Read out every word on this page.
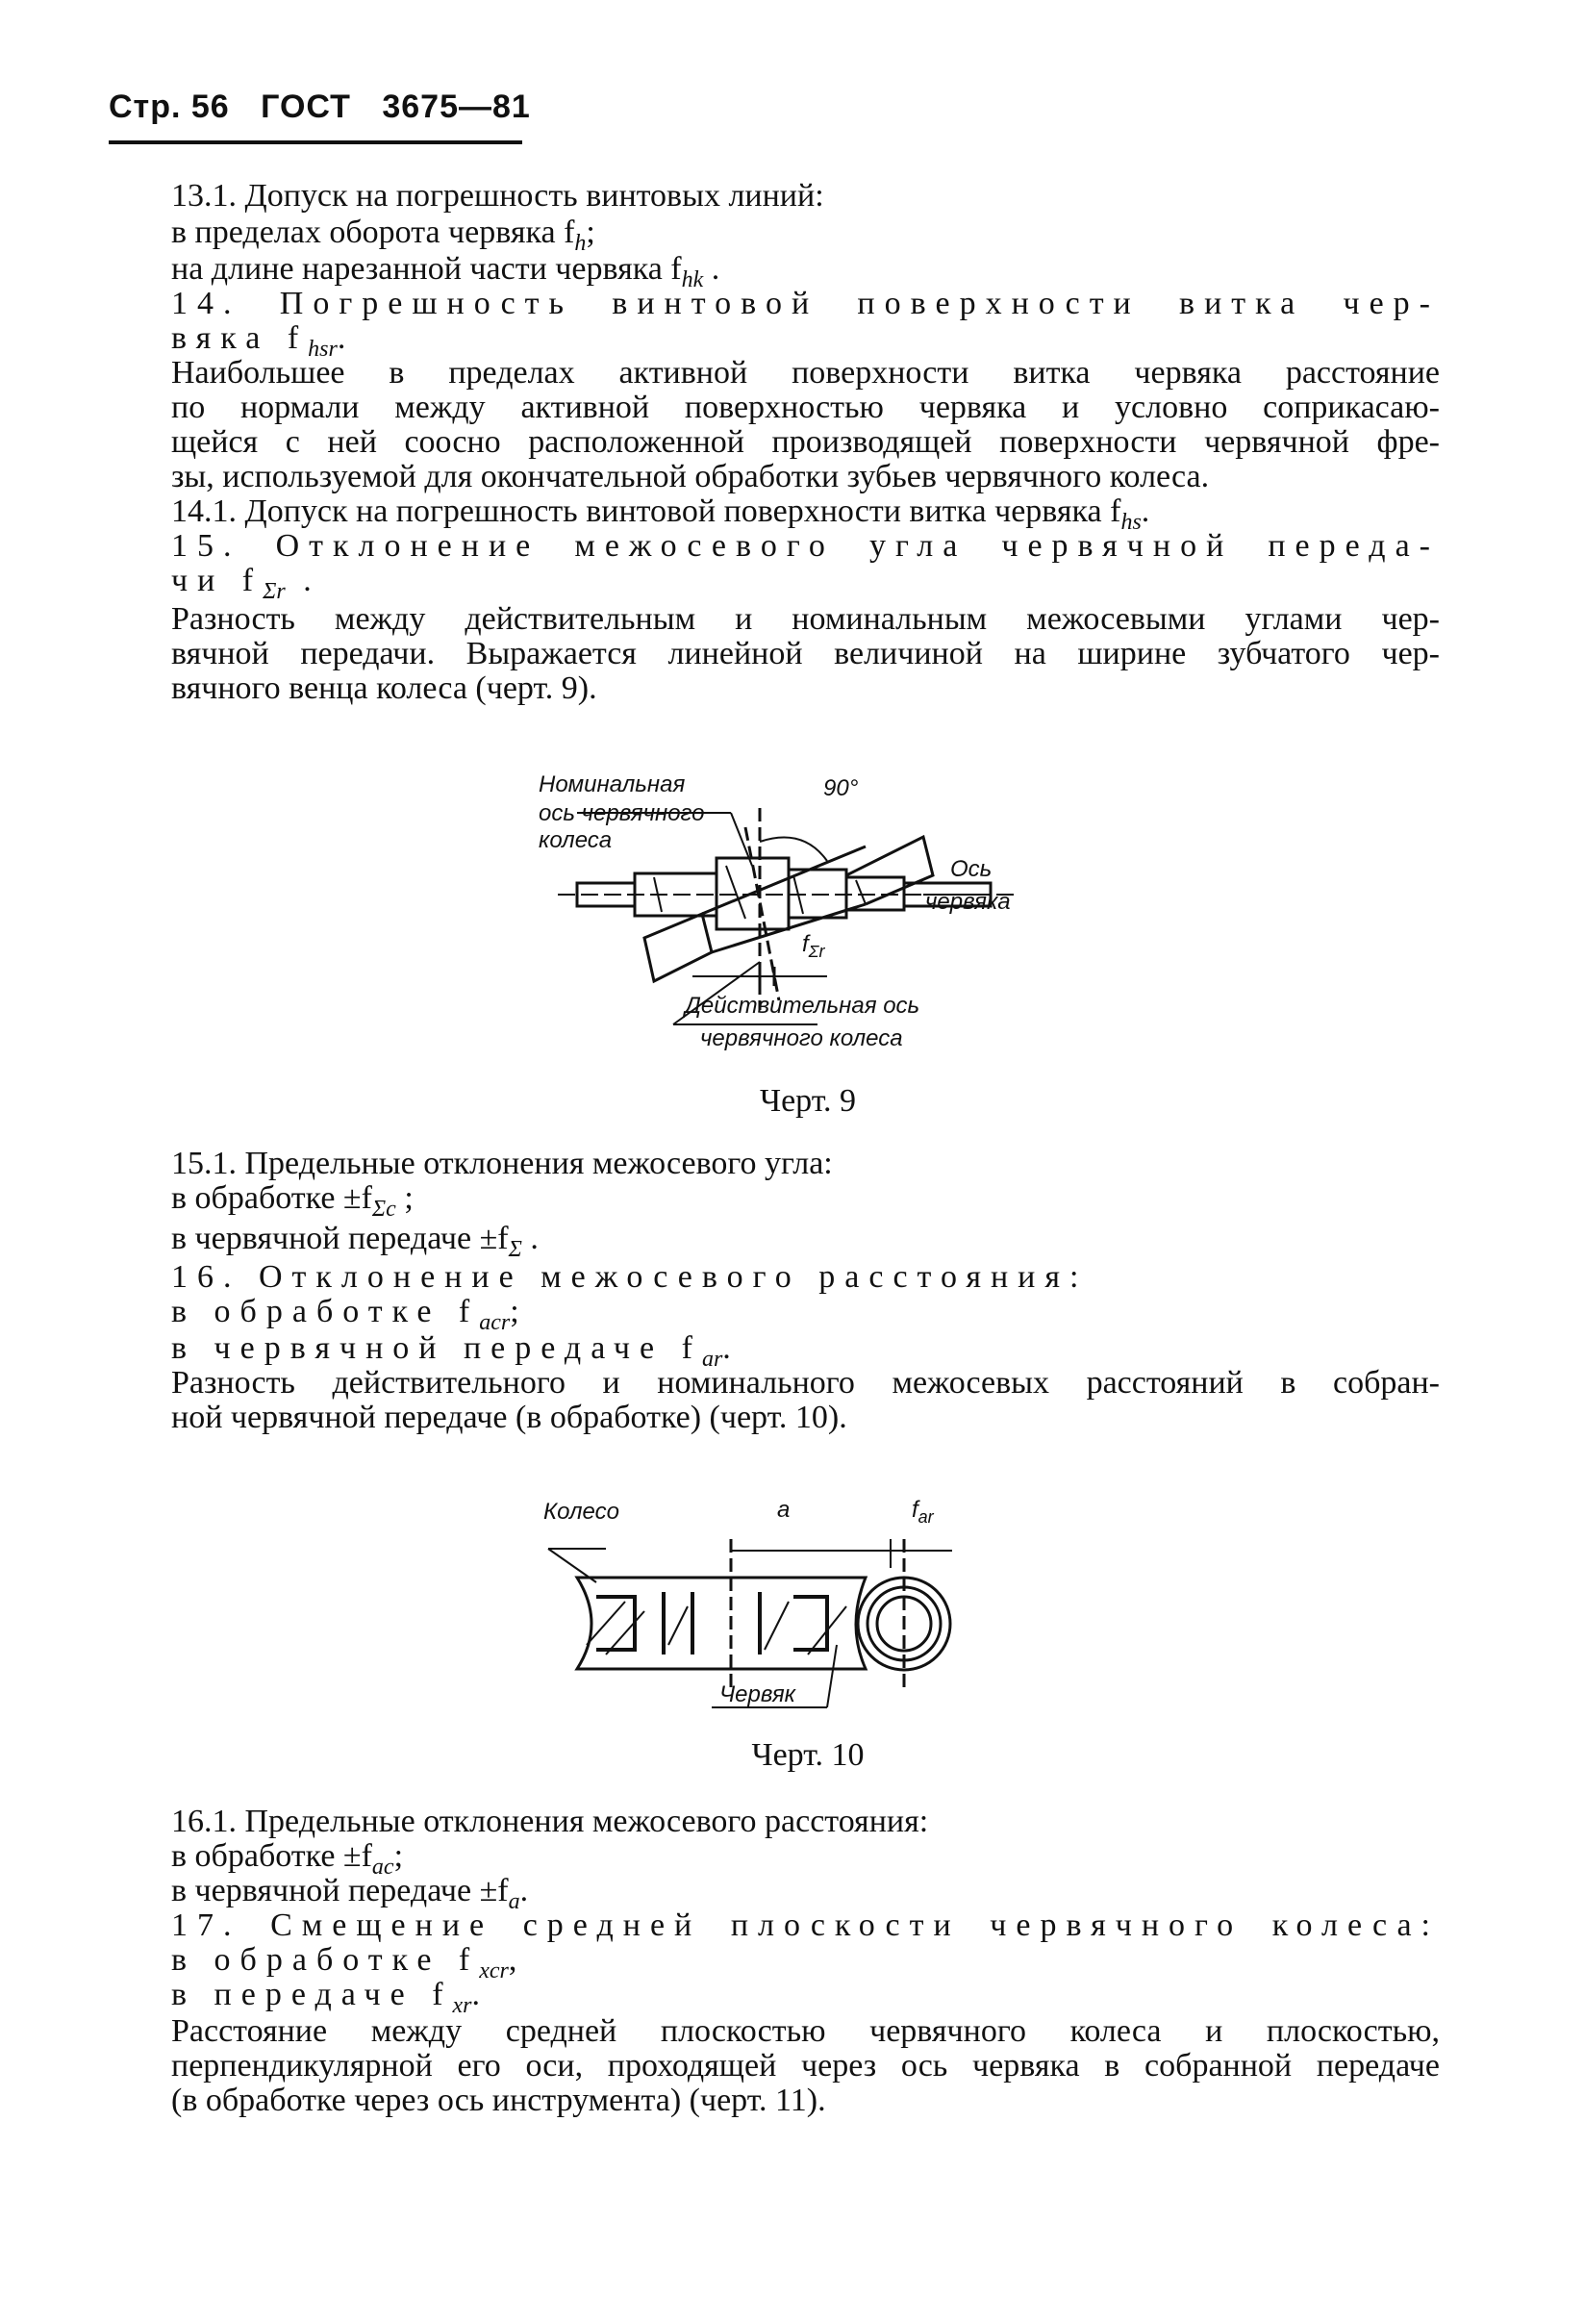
Стр. 56 ГОСТ 3675—81
13.1. Допуск на погрешность винтовых линий:
в пределах оборота червяка $f_h$;
на длине нарезанной части червяка $f_{hk}$ .
14. Погрешность винтовой поверхности витка чер-
вяка $f_{hsr}$.
Наибольшее в пределах активной поверхности витка червяка расстояние
по нормали между активной поверхностью червяка и условно соприкасаю-
щейся с ней соосно расположенной производящей поверхности червячной фре-
зы, используемой для окончательной обработки зубьев червячного колеса.
14.1. Допуск на погрешность винтовой поверхности витка червяка $f_{hs}$.
15. Отклонение межосевого угла червячной переда-
чи $f_{\Sigma r}$ .
Разность между действительным и номинальным межосевыми углами чер-
вячной передачи. Выражается линейной величиной на ширине зубчатого чер-
вячного венца колеса (черт. 9).
Номинальная
ось червячного
колеса
90°
Ось
червяка
$f_{\Sigma r}$
Действительная ось
червячного колеса
Черт. 9
15.1. Предельные отклонения межосевого угла:
в обработке $\pm f_{\Sigma c}$ ;
в червячной передаче $\pm f_\Sigma$ .
16. Отклонение межосевого расстояния:
в обработке $f_{acr}$;
в червячной передаче $f_{ar}$.
Разность действительного и номинального межосевых расстояний в собран-
ной червячной передаче (в обработке) (черт. 10).
Колесо	a	$f_{ar}$
Червяк
Черт. 10
16.1. Предельные отклонения межосевого расстояния:
в обработке $\pm f_{ac}$;
в червячной передаче $\pm f_a$.
17. Смещение средней плоскости червячного колеса:
в обработке $f_{xcr}$,
в передаче $f_{xr}$.
Расстояние между средней плоскостью червячного колеса и плоскостью,
перпендикулярной его оси, проходящей через ось червяка в собранной передаче
(в обработке через ось инструмента) (черт. 11).
